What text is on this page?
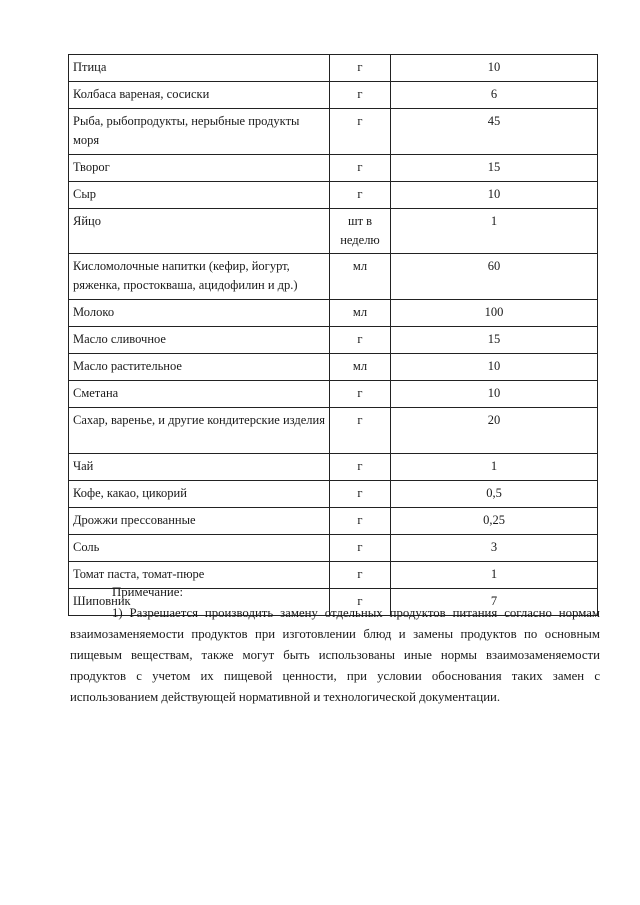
Птица	г	10
Колбаса вареная, сосиски	г	6
Рыба, рыбопродукты, нерыбные продукты моря	г	45
Творог	г	15
Сыр	г	10
Яйцо	шт в неделю	1
Кисломолочные напитки (кефир, йогурт, ряженка, простокваша, ацидофилин и др.)	мл	60
Молоко	мл	100
Масло сливочное	г	15
Масло растительное	мл	10
Сметана	г	10
Сахар, варенье, и другие кондитерские изделия	г	20
Чай	г	1
Кофе, какао, цикорий	г	0,5
Дрожжи прессованные	г	0,25
Соль	г	3
Томат паста, томат-пюре	г	1
Шиповник	г	7

Примечание:

1) Разрешается производить замену отдельных продуктов питания согласно нормам взаимозаменяемости продуктов при изготовлении блюд и замены продуктов по основным пищевым веществам, также могут быть использованы иные нормы взаимозаменяемости продуктов с учетом их пищевой ценности, при условии обоснования таких замен с использованием действующей нормативной и технологической документации.
